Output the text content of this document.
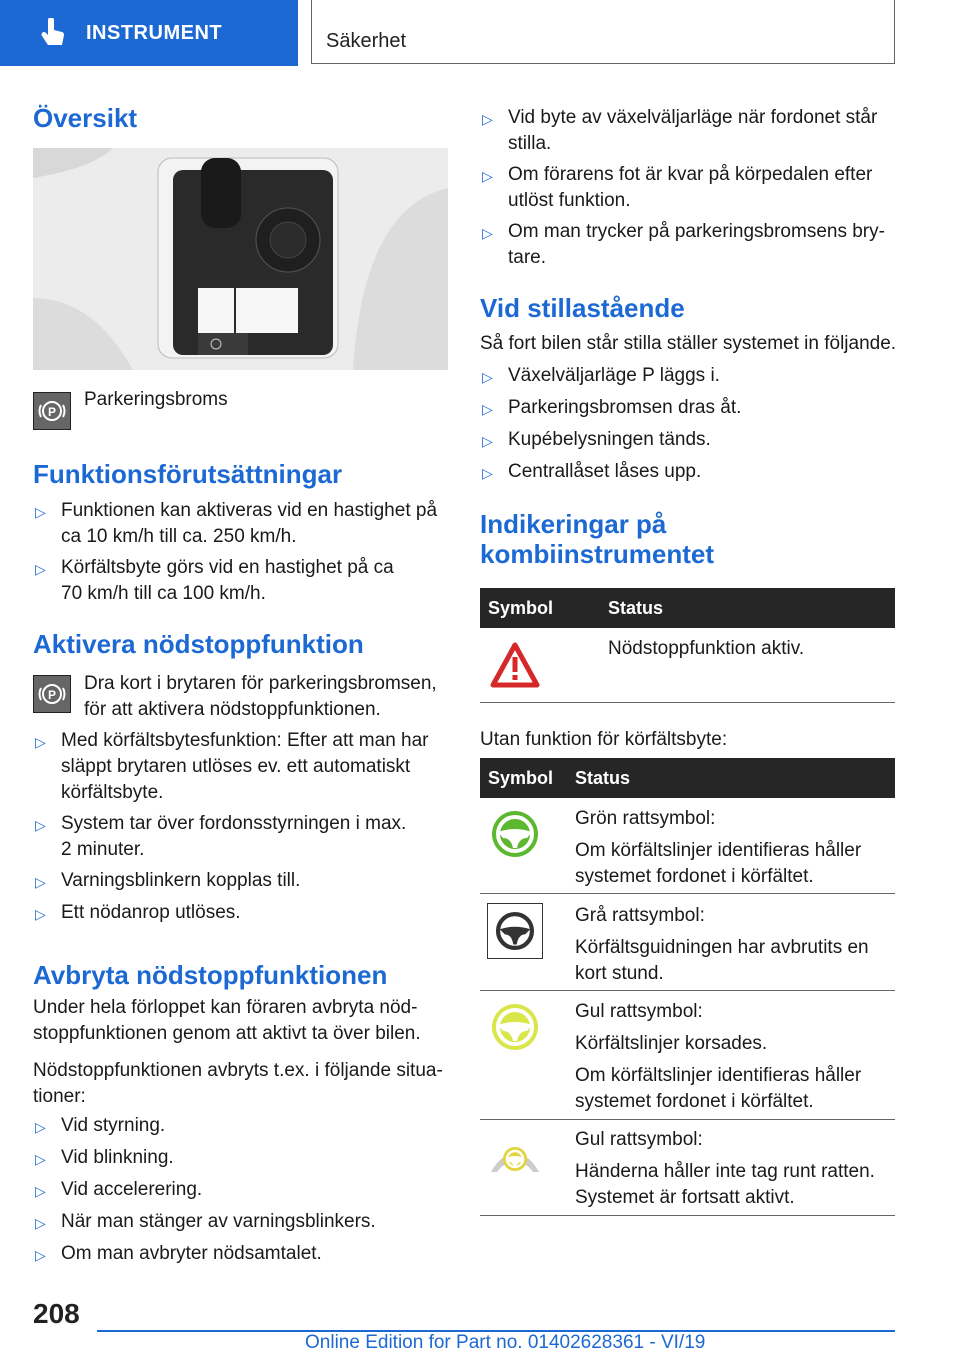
INSTRUMENT	Säkerhet
Översikt
P

Parkeringsbroms

Funktionsförutsättningar
▷ Funktionen kan aktiveras vid en hastighet på
ca 10 km/h till ca. 250 km/h.
▷ Körfältsbyte görs vid en hastighet på ca
70 km/h till ca 100 km/h.
Aktivera nödstoppfunktion
P
Dra kort i brytaren för parkeringsbromsen,
för att aktivera nödstoppfunktionen.
▷ Med körfältsbytesfunktion: Efter att man har
släppt brytaren utlöses ev. ett automatiskt
körfältsbyte.
▷ System tar över fordonsstyrningen i max.
2 minuter.
▷ Varningsblinkern kopplas till.
▷ Ett nödanrop utlöses.
Avbryta nödstoppfunktionen
Under hela förloppet kan föraren avbryta nöd-
stoppfunktionen genom att aktivt ta över bilen.
Nödstoppfunktionen avbryts t.ex. i följande situa-
tioner:
▷ Vid styrning.
▷ Vid blinkning.
▷ Vid accelerering.
▷ När man stänger av varningsblinkers.
▷ Om man avbryter nödsamtalet.
▷ Vid byte av växelväljarläge när fordonet står
stilla.
▷ Om förarens fot är kvar på körpedalen efter
utlöst funktion.
▷ Om man trycker på parkeringsbromsens bry-
tare.
Vid stillastående

Så fort bilen står stilla ställer systemet in följande.

▷ Växelväljarläge P läggs i.
▷ Parkeringsbromsen dras åt.
▷ Kupébelysningen tänds.
▷ Centrallåset låses upp.
Indikeringar på
kombiinstrumentet
Symbol	Status
Nödstoppfunktion aktiv.

Utan funktion för körfältsbyte:

Symbol Status
Grön rattsymbol:
Om körfältslinjer identifieras håller
systemet fordonet i körfältet.
Grå rattsymbol:
Körfältsguidningen har avbrutits en
kort stund.
Gul rattsymbol:
Körfältslinjer korsades.
Om körfältslinjer identifieras håller
systemet fordonet i körfältet.
Gul rattsymbol:
Händerna håller inte tag runt ratten.
Systemet är fortsatt aktivt.
208
Online Edition for Part no. 01402628361 - VI/19
